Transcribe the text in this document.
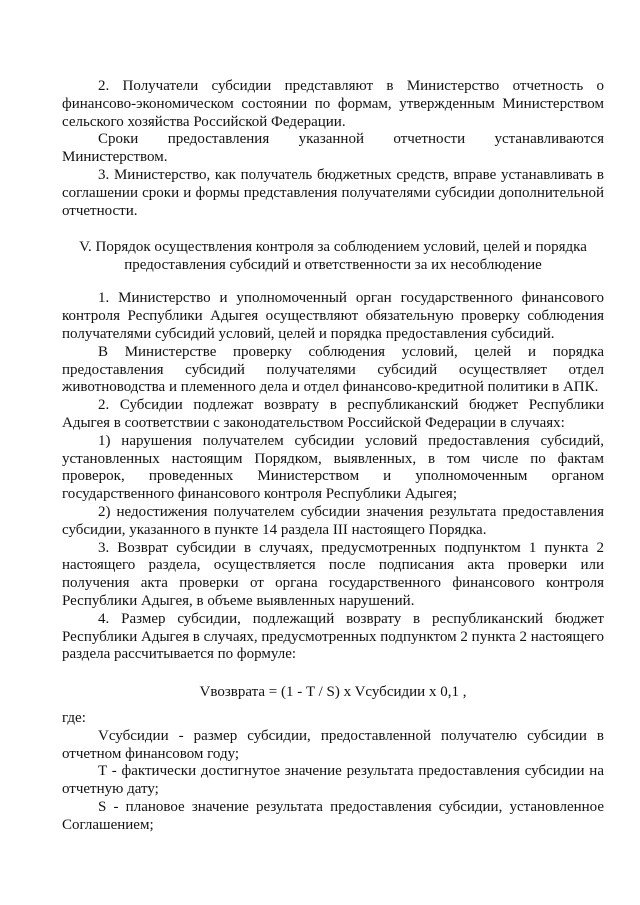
2. Получатели субсидии представляют в Министерство отчетность о финансово-экономическом состоянии по формам, утвержденным Министерством сельского хозяйства Российской Федерации.

Сроки предоставления указанной отчетности устанавливаются Министерством.

3. Министерство, как получатель бюджетных средств, вправе устанавливать в соглашении сроки и формы представления получателями субсидии дополнительной отчетности.

V. Порядок осуществления контроля за соблюдением условий, целей и порядка предоставления субсидий и ответственности за их несоблюдение

1. Министерство и уполномоченный орган государственного финансового контроля Республики Адыгея осуществляют обязательную проверку соблюдения получателями субсидий условий, целей и порядка предоставления субсидий.

В Министерстве проверку соблюдения условий, целей и порядка предоставления субсидий получателями субсидий осуществляет отдел животноводства и племенного дела и отдел финансово-кредитной политики в АПК.

2. Субсидии подлежат возврату в республиканский бюджет Республики Адыгея в соответствии с законодательством Российской Федерации в случаях:

1) нарушения получателем субсидии условий предоставления субсидий, установленных настоящим Порядком, выявленных, в том числе по фактам проверок, проведенных Министерством и уполномоченным органом государственного финансового контроля Республики Адыгея;

2) недостижения получателем субсидии значения результата предоставления субсидии, указанного в пункте 14 раздела III настоящего Порядка.

3. Возврат субсидии в случаях, предусмотренных подпунктом 1 пункта 2 настоящего раздела, осуществляется после подписания акта проверки или получения акта проверки от органа государственного финансового контроля Республики Адыгея, в объеме выявленных нарушений.

4. Размер субсидии, подлежащий возврату в республиканский бюджет Республики Адыгея в случаях, предусмотренных подпунктом 2 пункта 2 настоящего раздела рассчитывается по формуле:

Vвозврата = (1 - T / S) x Vсубсидии x 0,1 ,

где:

Vсубсидии - размер субсидии, предоставленной получателю субсидии в отчетном финансовом году;

T - фактически достигнутое значение результата предоставления субсидии на отчетную дату;

S - плановое значение результата предоставления субсидии, установленное Соглашением;
